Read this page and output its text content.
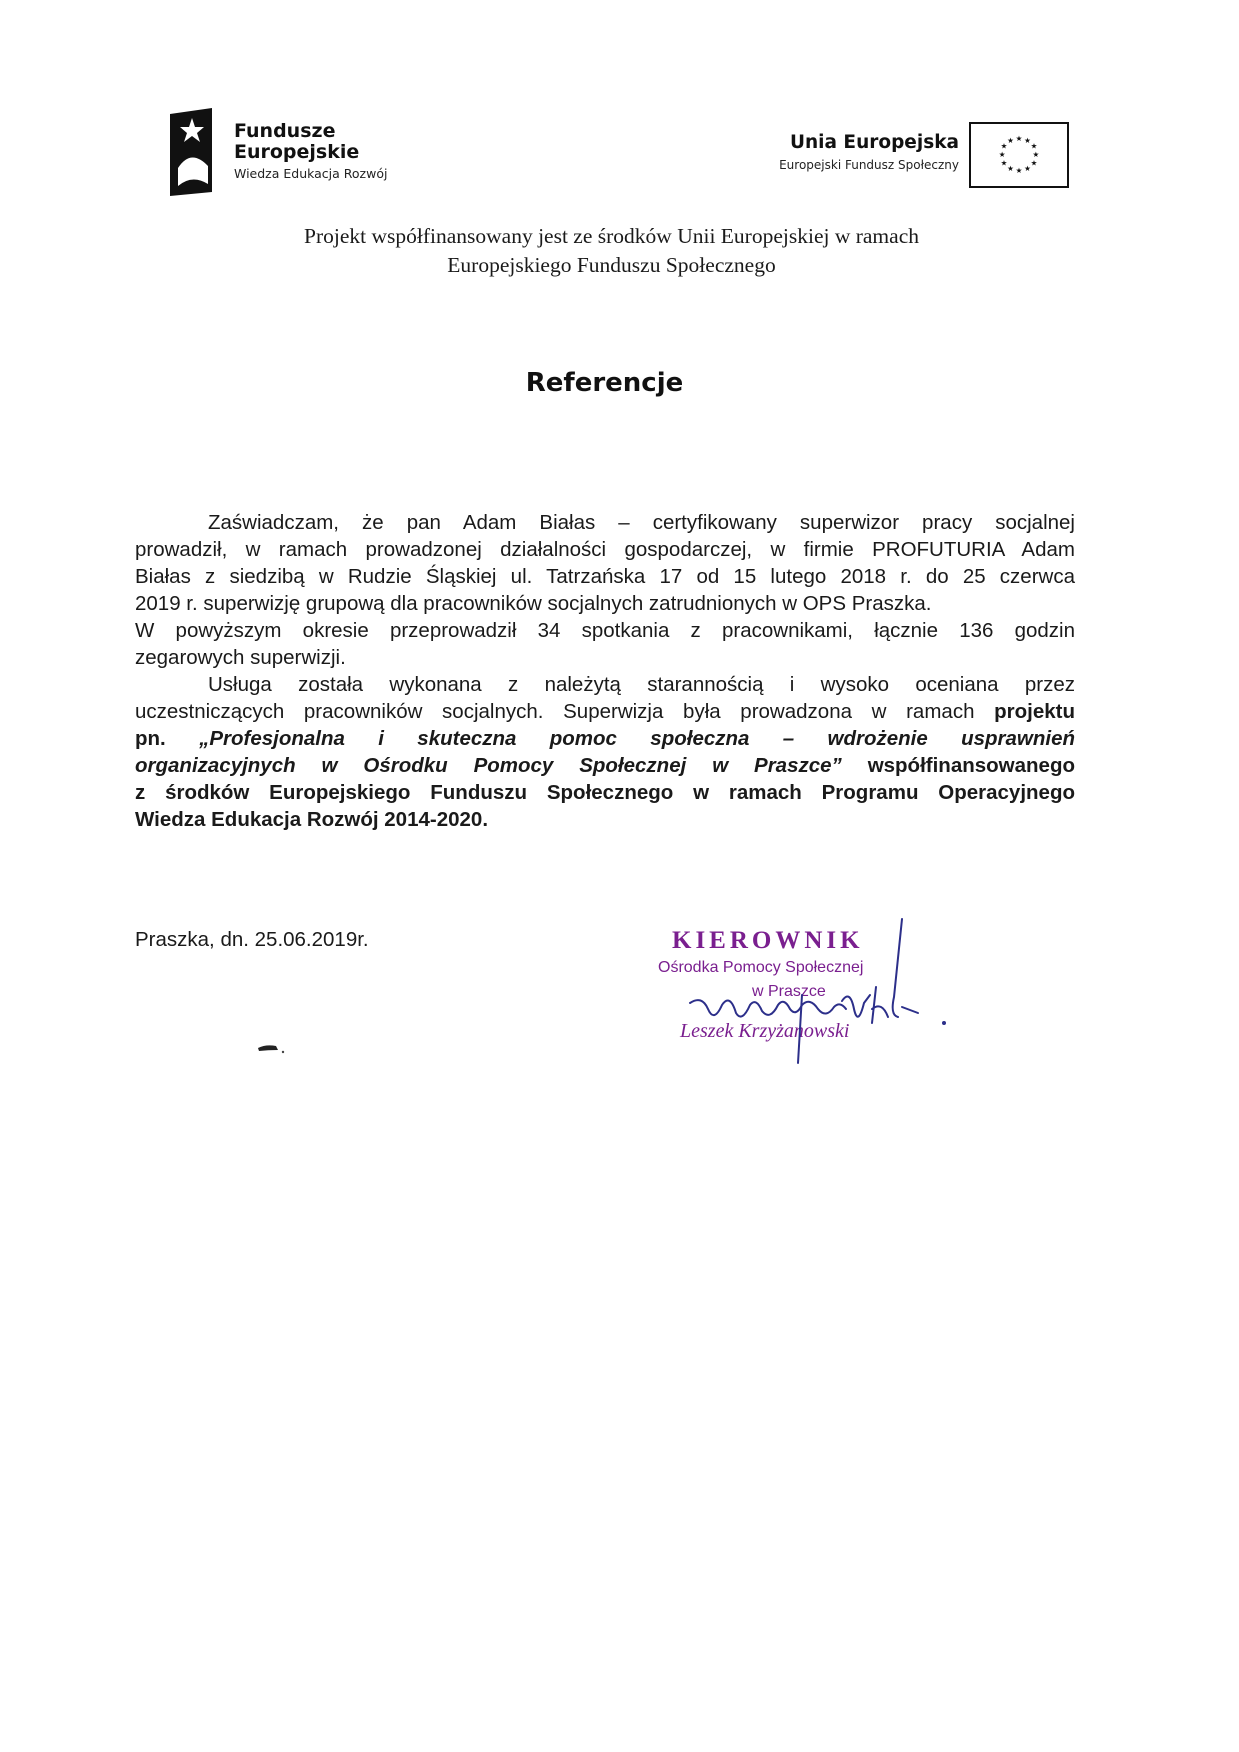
Fundusze
Europejskie
Wiedza Edukacja Rozwój
Unia Europejska
Europejski Fundusz Społeczny
★ ★
★
★
★
★
★
★
★
★
★
★
Projekt współfinansowany jest ze środków Unii Europejskiej w ramach
Europejskiego Funduszu Społecznego
Referencje
Zaświadczam, że pan Adam Białas – certyfikowany superwizor pracy socjalnej
prowadził, w ramach prowadzonej działalności gospodarczej, w firmie PROFUTURIA Adam
Białas z siedzibą w Rudzie Śląskiej ul. Tatrzańska 17 od 15 lutego 2018 r. do 25 czerwca
2019 r. superwizję grupową dla pracowników socjalnych zatrudnionych w OPS Praszka.
W powyższym okresie przeprowadził 34 spotkania z pracownikami, łącznie 136 godzin
zegarowych superwizji.
Usługa została wykonana z należytą starannością i wysoko oceniana przez
uczestniczących pracowników socjalnych. Superwizja była prowadzona w ramach projektu
pn. „Profesjonalna i skuteczna pomoc społeczna – wdrożenie usprawnień
organizacyjnych w Ośrodku Pomocy Społecznej w Praszce” współfinansowanego
z środków Europejskiego Funduszu Społecznego w ramach Programu Operacyjnego
Wiedza Edukacja Rozwój 2014-2020.
Praszka, dn. 25.06.2019r.	KIEROWNIK
Ośrodka Pomocy Społecznej
w Praszce
Leszek Krzyżanowski
